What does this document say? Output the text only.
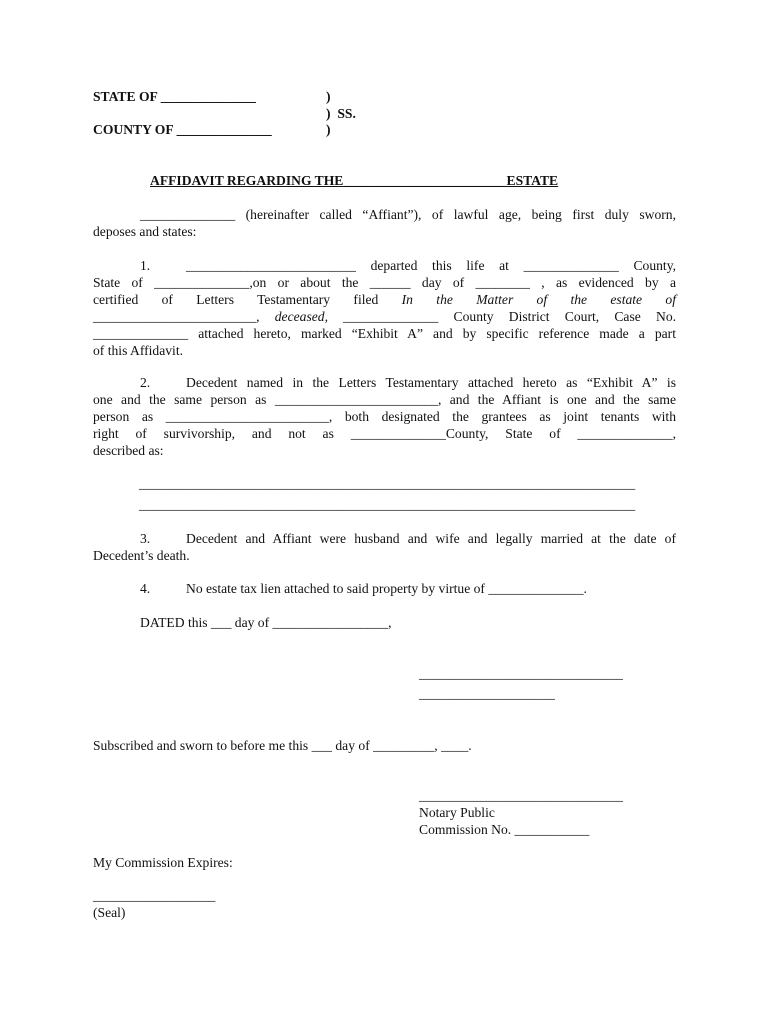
STATE OF ______________
COUNTY OF ______________
)
)  SS.
)
AFFIDAVIT REGARDING THE________________________ESTATE
______________ (hereinafter called “Affiant”), of lawful age, being first duly sworn,
deposes and states:
1.	_________________________ departed this life at ______________ County,
State of ______________,on or about the ______ day of ________ , as evidenced by a
certified of Letters Testamentary filed In the Matter of the estate of
________________________, deceased, ______________ County District Court, Case No.
______________ attached hereto, marked “Exhibit A” and by specific reference made a part
of this Affidavit.
2.	Decedent named in the Letters Testamentary attached hereto as “Exhibit A” is
one and the same person as ________________________, and the Affiant is one and the same
person as ________________________, both designated the grantees as joint tenants with
right of survivorship, and not as ______________County, State of ______________,
described as:
_________________________________________________________________________
_________________________________________________________________________
3.	Decedent and Affiant were husband and wife and legally married at the date of
Decedent’s death.
4.	No estate tax lien attached to said property by virtue of ______________.
DATED this ___ day of _________________,
______________________________
____________________
Subscribed and sworn to before me this ___ day of _________, ____.
______________________________
Notary Public
Commission No. ___________
My Commission Expires:
__________________
(Seal)
